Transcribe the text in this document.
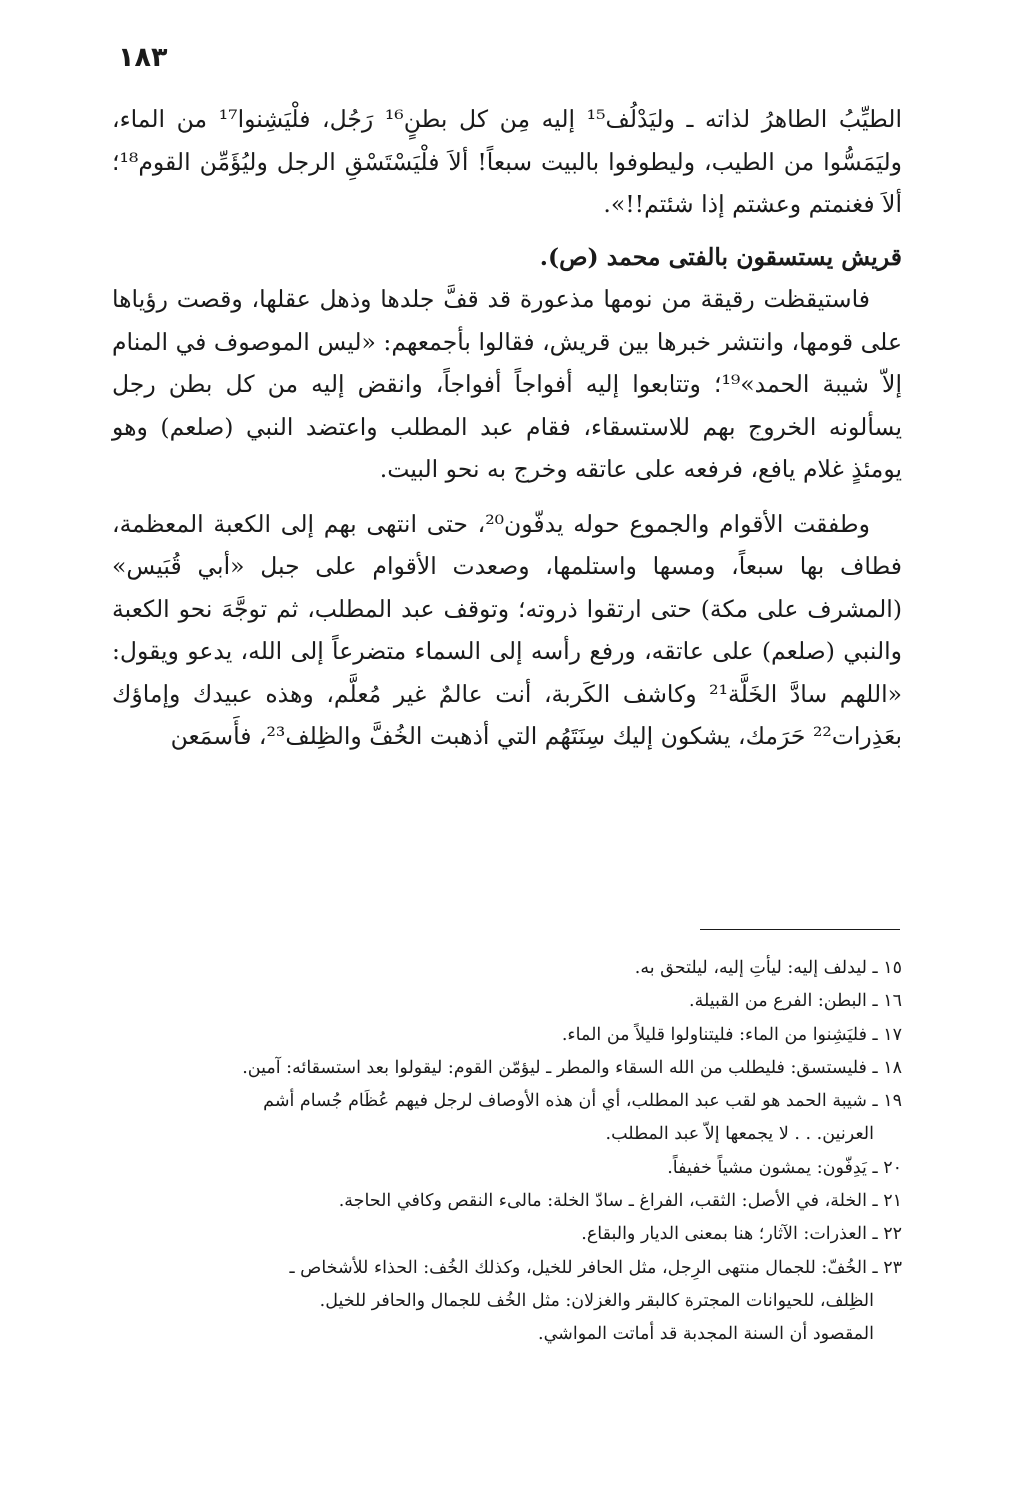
١٨٣

الطيِّبُ الطاهرُ لذاته ـ وليَدْلُف¹⁵ إليه مِن كل بطنٍ¹⁶ رَجُل، فلْيَشِنوا¹⁷ من الماء، وليَمَسُّوا من الطيب، وليطوفوا بالبيت سبعاً! ألاَ فلْيَسْتَسْقِ الرجل وليُؤَمِّن القوم¹⁸؛ ألاَ فغنمتم وعشتم إذا شئتم!!».

قريش يستسقون بالفتى محمد (ص).

فاستيقظت رقيقة من نومها مذعورة قد قفَّ جلدها وذهل عقلها، وقصت رؤياها على قومها، وانتشر خبرها بين قريش، فقالوا بأجمعهم: «ليس الموصوف في المنام إلاّ شيبة الحمد»¹⁹؛ وتتابعوا إليه أفواجاً أفواجاً، وانقض إليه من كل بطن رجل يسألونه الخروج بهم للاستسقاء، فقام عبد المطلب واعتضد النبي (صلعم) وهو يومئذٍ غلام يافع، فرفعه على عاتقه وخرج به نحو البيت.

وطفقت الأقوام والجموع حوله يدفّون²⁰، حتى انتهى بهم إلى الكعبة المعظمة، فطاف بها سبعاً، ومسها واستلمها، وصعدت الأقوام على جبل «أبي قُبَيس» (المشرف على مكة) حتى ارتقوا ذروته؛ وتوقف عبد المطلب، ثم توجَّهَ نحو الكعبة والنبي (صلعم) على عاتقه، ورفع رأسه إلى السماء متضرعاً إلى الله، يدعو ويقول: «اللهم سادَّ الخَلَّة²¹ وكاشف الكَربة، أنت عالمٌ غير مُعلَّم، وهذه عبيدك وإماؤك بعَذِرات²² حَرَمك، يشكون إليك سِنَتَهُم التي أذهبت الخُفَّ والظِلف²³، فأَسمَعن

١٥ ـ ليدلف إليه: ليأتِ إليه، ليلتحق به.

١٦ ـ البطن: الفرع من القبيلة.

١٧ ـ فليَشِنوا من الماء: فليتناولوا قليلاً من الماء.

١٨ ـ فليستسق: فليطلب من الله السقاء والمطر ـ ليؤمّن القوم: ليقولوا بعد استسقائه: آمين.

١٩ ـ شيبة الحمد هو لقب عبد المطلب، أي أن هذه الأوصاف لرجل فيهم عُظَام جُسام أشم

العرنين. . . لا يجمعها إلاّ عبد المطلب.

٢٠ ـ يَدِفّون: يمشون مشياً خفيفاً.

٢١ ـ الخلة، في الأصل: الثقب، الفراغ ـ سادّ الخلة: مالىء النقص وكافي الحاجة.

٢٢ ـ العذرات: الآثار؛ هنا بمعنى الديار والبقاع.

٢٣ ـ الخُفّ: للجمال منتهى الرِجل، مثل الحافر للخيل، وكذلك الخُف: الحذاء للأشخاص ـ

الظِلف، للحيوانات المجترة كالبقر والغزلان: مثل الخُف للجمال والحافر للخيل.

المقصود أن السنة المجدبة قد أماتت المواشي.
